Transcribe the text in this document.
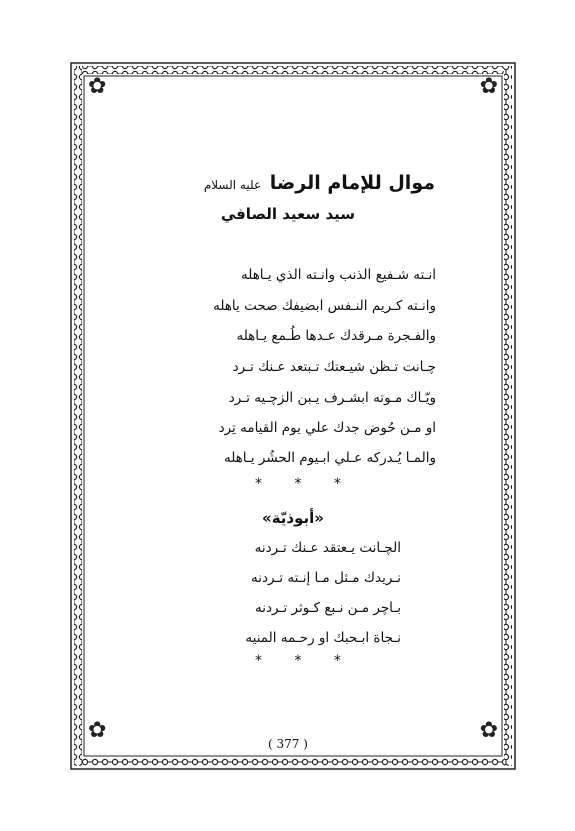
✿	✿
✿	✿
موال للإمام الرضا عليه السلام
سيد سعيد الصافي
انـته شـفيع الذنب وانـته الذي يـاهله
وانـته كـريم النـفس ابضيفك صحت ياهله
والفـجرة مـرقدك عـدها طُـمع يـاهله
چـانت تـظن شيـعتك تـبتعد عـنك تـرد
ويّـاك مـوته ابشـرف يـبن الزچـيه تـرد
او مـن حُوض جدك علي يوم القيامه تِرد
والمـا يُـدركه عـلي ابـيوم الحشُر يـاهله
* * *
«أبوذيّة»
الچـانت يـعتقد عـنك تـردنه
نـريدك مـثل مـا إنـته تـردنه
بـاچر مـن نـبع كـوثر تـردنه
نـجاة ابـحبك او رحـمه المنيه
* * *
( 377 )
